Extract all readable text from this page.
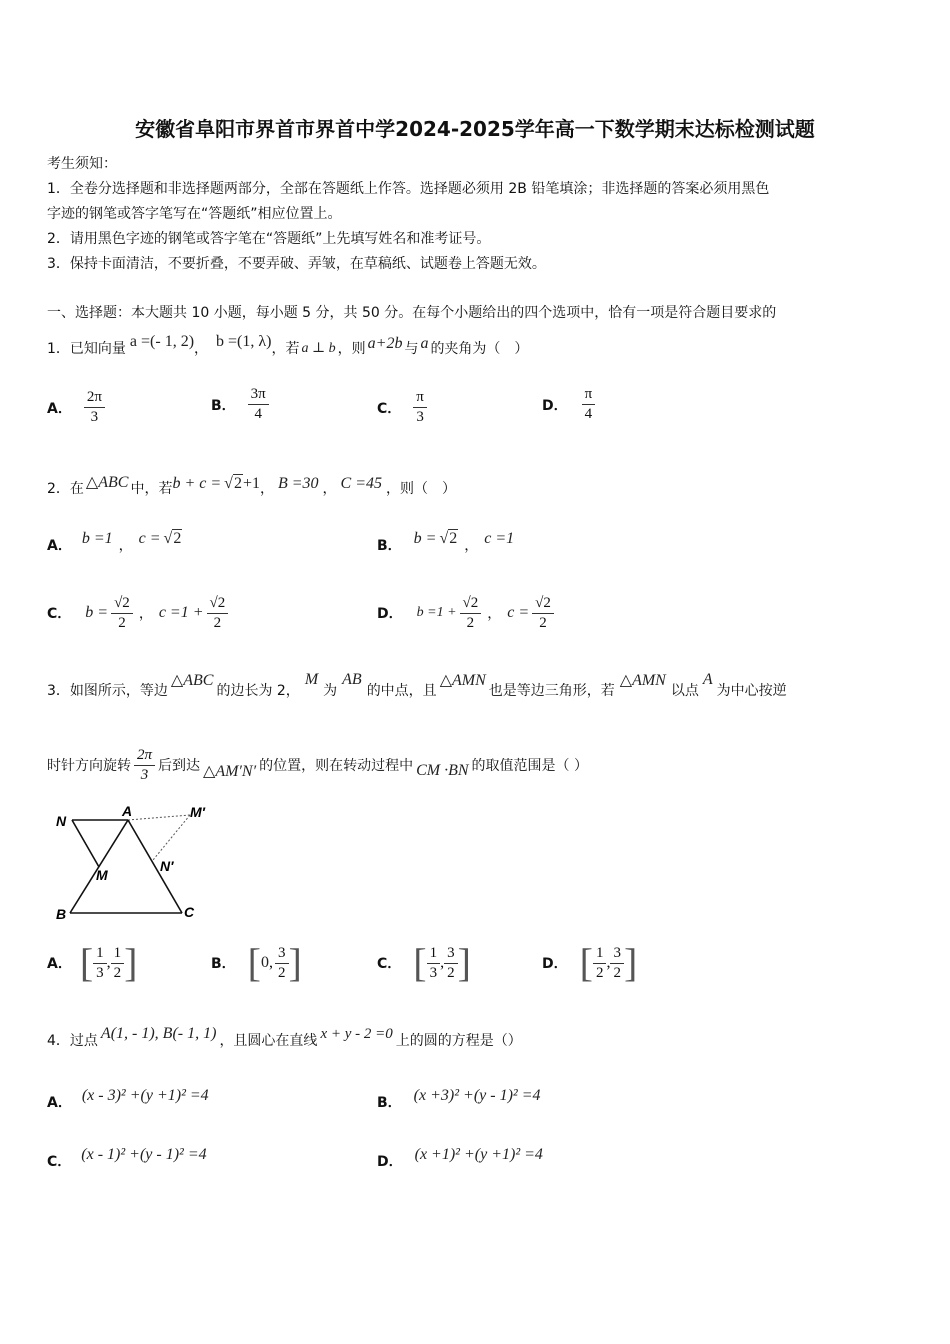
安徽省阜阳市界首市界首中学2024-2025学年高一下数学期末达标检测试题
考生须知：
1．全卷分选择题和非选择题两部分，全部在答题纸上作答。选择题必须用 2B 铅笔填涂；非选择题的答案必须用黑色
字迹的钢笔或答字笔写在“答题纸”相应位置上。
2．请用黑色字迹的钢笔或答字笔在“答题纸”上先填写姓名和准考证号。
3．保持卡面清洁，不要折叠，不要弄破、弄皱，在草稿纸、试题卷上答题无效。
一、选择题：本大题共 10 小题，每小题 5 分，共 50 分。在每个小题给出的四个选项中，恰有一项是符合题目要求的
1．已知向量 a =(- 1, 2) ， b =(1, λ) ，若 a ⊥ b ，则 a+2b 与 a 的夹角为（　）
A． $\frac{2\pi}{3}$	B． $\frac{3\pi}{4}$	C． $\frac{\pi}{3}$	D． $\frac{\pi}{4}$
2．在 △ABC 中，若 b + c = √2 +1 ， B =30 ， C =45 ，则（　）
A． b =1 ， c = √2	B． b = √2 ， c =1
C． $b = \frac{√2}{2}$ ， $c =1 + \frac{√2}{2}$	D． $b =1 + \frac{√2}{2}$ ， $c = \frac{√2}{2}$
3．如图所示，等边
△ABC
的边长为 2，
M
为
AB
的中点，且
△AMN
也是等边三角形，若
△AMN
以点
A
为中心按逆
时针方向旋转 $\frac{2\pi}{3}$ 后到达 △AM′N′ 的位置，则在转动过程中 CM ·BN 的取值范围是（ ）
N
A	M′
M
N′
B	C
A． [ $\frac{1}{3}$ , $\frac{1}{2}$ ]	B． [ 0 , $\frac{3}{2}$ ]	C． [ $\frac{1}{3}$ , $\frac{3}{2}$ ]	D． [ $\frac{1}{2}$ , $\frac{3}{2}$ ]
4．过点 A(1, - 1), B(- 1, 1) ，且圆心在直线 x + y - 2 =0 上的圆的方程是（）
A． (x - 3)² +(y +1)² =4	B． (x +3)² +(y - 1)² =4
C． (x - 1)² +(y - 1)² =4	D． (x +1)² +(y +1)² =4
